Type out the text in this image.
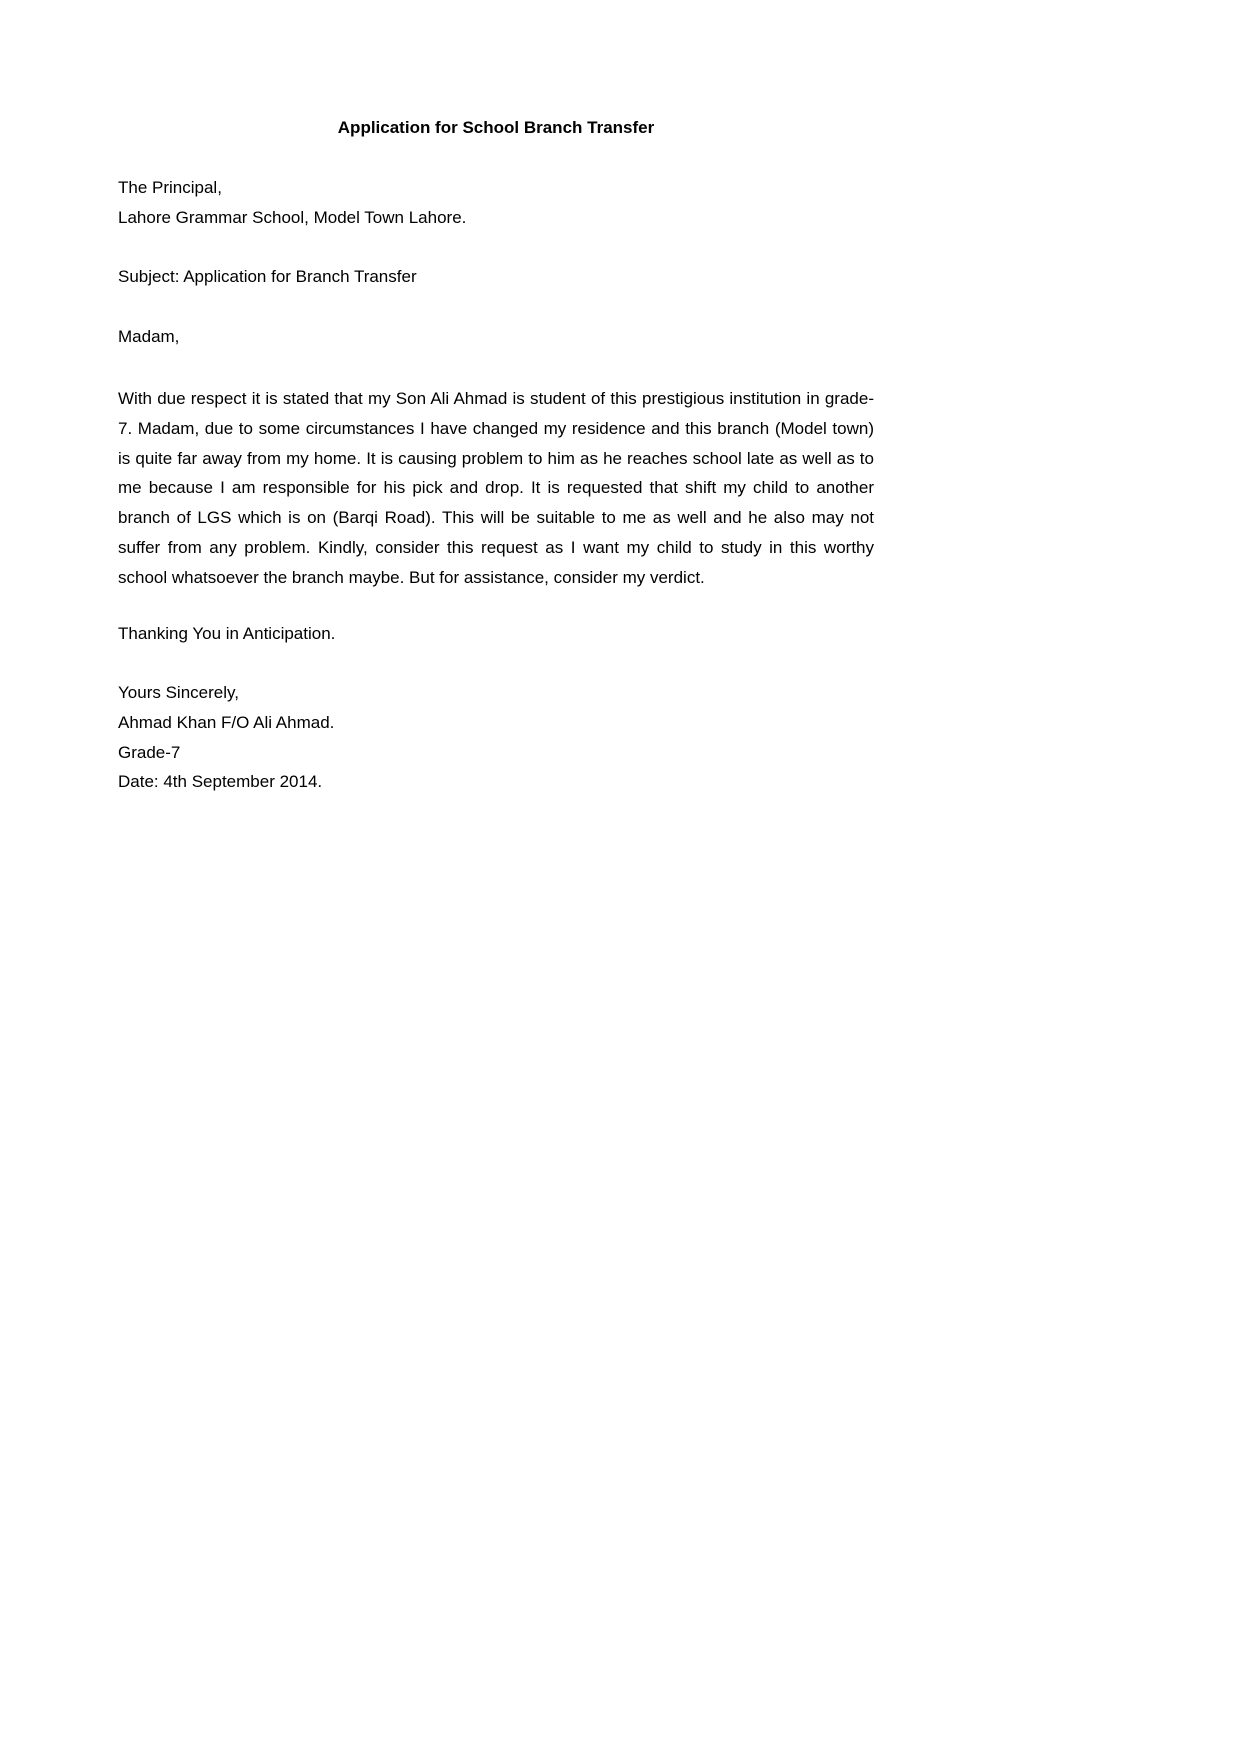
Application for School Branch Transfer
The Principal,
Lahore Grammar School, Model Town Lahore.
Subject: Application for Branch Transfer
Madam,
With due respect it is stated that my Son Ali Ahmad is student of this prestigious institution in grade-7. Madam, due to some circumstances I have changed my residence and this branch (Model town) is quite far away from my home. It is causing problem to him as he reaches school late as well as to me because I am responsible for his pick and drop. It is requested that shift my child to another branch of LGS which is on (Barqi Road). This will be suitable to me as well and he also may not suffer from any problem. Kindly, consider this request as I want my child to study in this worthy school whatsoever the branch maybe. But for assistance, consider my verdict.
Thanking You in Anticipation.
Yours Sincerely,
Ahmad Khan F/O Ali Ahmad.
Grade-7
Date: 4th September 2014.
